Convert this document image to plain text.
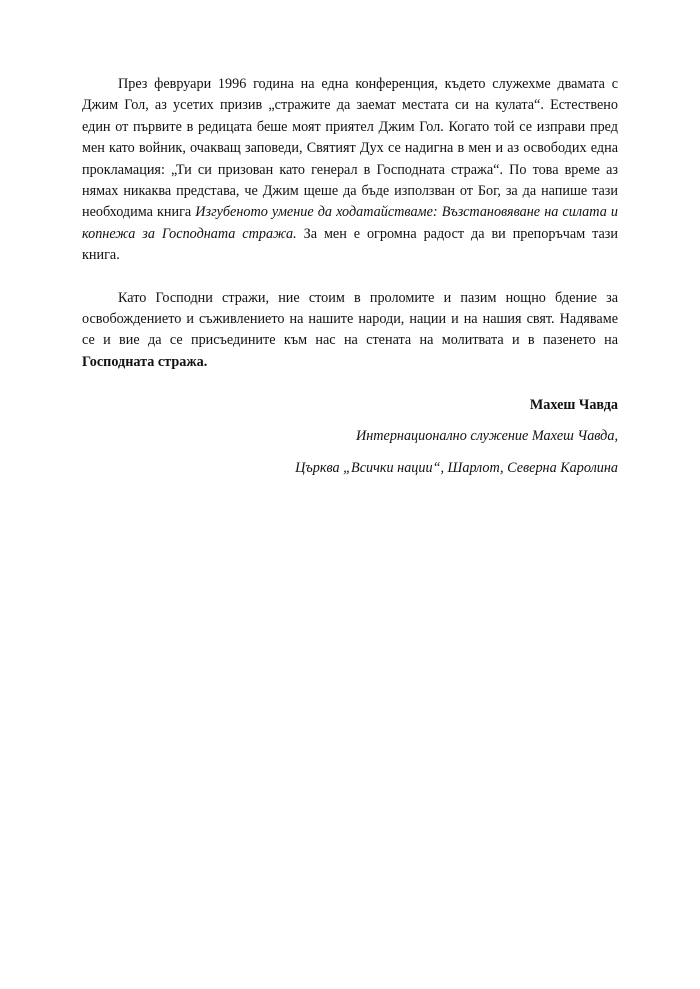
През февруари 1996 година на една конференция, където служехме двамата с Джим Гол, аз усетих призив „стражите да заемат местата си на кулата“. Естествено един от първите в редицата беше моят приятел Джим Гол. Когато той се изправи пред мен като войник, очакващ заповеди, Святият Дух се надигна в мен и аз освободих една прокламация: „Ти си призован като генерал в Господната стража“. По това време аз нямах никаква представа, че Джим щеше да бъде използван от Бог, за да напише тази необходима книга Изгубеното умение да ходатайстваме: Възстановяване на силата и копнежа за Господната стража. За мен е огромна радост да ви препоръчам тази книга.

Като Господни стражи, ние стоим в проломите и пазим нощно бдение за освобождението и съживлението на нашите народи, нации и на нашия свят. Надяваме се и вие да се присъедините към нас на стената на молитвата и в пазенето на Господната стража.

Махеш Чавда

Интернационално служение Махеш Чавда,

Църква „Всички нации“, Шарлот, Северна Каролина
